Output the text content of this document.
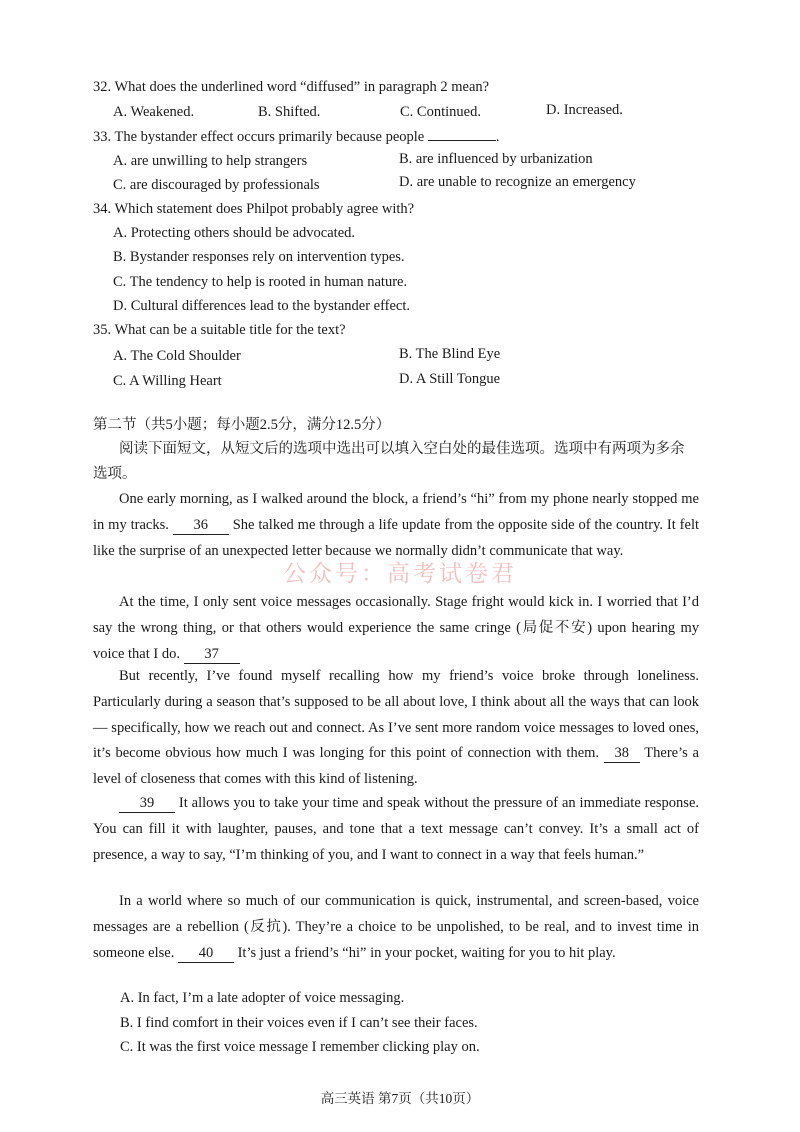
32. What does the underlined word “diffused” in paragraph 2 mean?
A. Weakened.	B. Shifted.	C. Continued.	D. Increased.
33. The bystander effect occurs primarily because people	.
A. are unwilling to help strangers	B. are influenced by urbanization
C. are discouraged by professionals	D. are unable to recognize an emergency
34. Which statement does Philpot probably agree with?
A. Protecting others should be advocated.
B. Bystander responses rely on intervention types.
C. The tendency to help is rooted in human nature.
D. Cultural differences lead to the bystander effect.
35. What can be a suitable title for the text?
A. The Cold Shoulder	B. The Blind Eye
C. A Willing Heart	D. A Still Tongue
第二节（共5小题；每小题2.5分，满分12.5分）
阅读下面短文，从短文后的选项中选出可以填入空白处的最佳选项。选项中有两项为多余
选项。
One early morning, as I walked around the block, a friend’s “hi” from my phone nearly stopped me in my tracks. 36 She talked me through a life update from the opposite side of the country. It felt like the surprise of an unexpected letter because we normally didn’t communicate that way.
At the time, I only sent voice messages occasionally. Stage fright would kick in. I worried that I’d say the wrong thing, or that others would experience the same cringe (局促不安) upon hearing my voice that I do. 37
But recently, I’ve found myself recalling how my friend’s voice broke through loneliness. Particularly during a season that’s supposed to be all about love, I think about all the ways that can look — specifically, how we reach out and connect. As I’ve sent more random voice messages to loved ones, it’s become obvious how much I was longing for this point of connection with them. 38 There’s a level of closeness that comes with this kind of listening.
39 It allows you to take your time and speak without the pressure of an immediate response. You can fill it with laughter, pauses, and tone that a text message can’t convey. It’s a small act of presence, a way to say, “I’m thinking of you, and I want to connect in a way that feels human.”
In a world where so much of our communication is quick, instrumental, and screen-based, voice messages are a rebellion (反抗). They’re a choice to be unpolished, to be real, and to invest time in someone else. 40 It’s just a friend’s “hi” in your pocket, waiting for you to hit play.
A. In fact, I’m a late adopter of voice messaging.
B. I find comfort in their voices even if I can’t see their faces.
C. It was the first voice message I remember clicking play on.
公众号：高考试卷君
高三英语 第7页（共10页）
